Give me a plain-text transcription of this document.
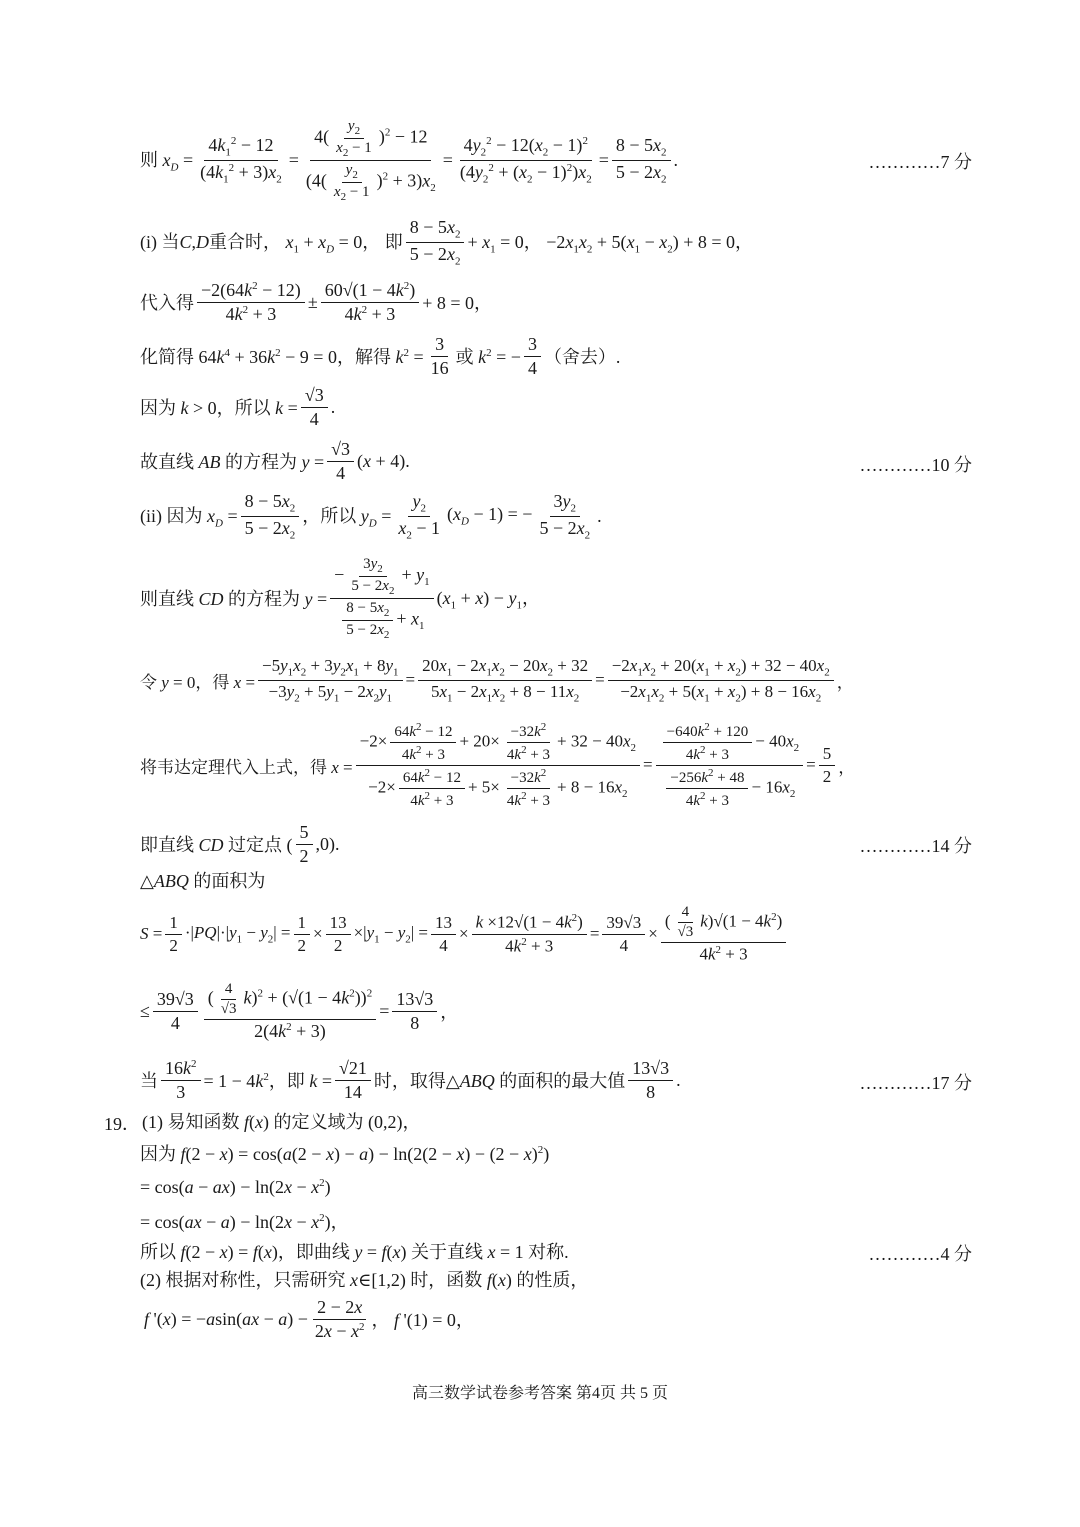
则 $x_D = \frac{4k_1^2 - 12}{(4k_1^2 + 3)x_2} = \frac{4( \frac{y_2}{x_2 - 1} )^2 - 12}{(4( \frac{y_2}{x_2 - 1} )^2 + 3)x_2} = \frac{4y_2^2 - 12(x_2 - 1)^2}{(4y_2^2 + (x_2 - 1)^2)x_2} = \frac{8 - 5x_2}{5 - 2x_2}$ .	…………7 分
(i) 当C,D重合时， $x_1 + x_D = 0$， 即
$8 - 5x_2$
$5 - 2x_2$
+ $x_1 = 0$， $-2x_1x_2 + 5(x_1 - x_2) + 8 = 0$，
代入得
$-2(64k^2 - 12)$
$4k^2 + 3$
± $\frac{60√(1 - 4k^2)}{4k^2 + 3} + 8 = 0$，
化简得 $64k^4 + 36k^2 - 9 = 0$，解得 $k^2 = \frac{3}{16}$ 或 $k^2$ = − $\frac{3}{4}$ （舍去）.
因为 k > 0，所以 $k = \frac{√3}{4}$ .
故直线 AB 的方程为 $y = \frac{√3}{4} (x + 4)$.	…………10 分
(ii) 因为 $x_D = \frac{8 - 5x_2}{5 - 2x_2}$ ，所以 $y_D = \frac{y_2}{x_2 - 1} (x_D - 1)$ = − $\frac{3y_2}{5 - 2x_2}$ .
则直线 CD 的方程为 $y = \frac{- \frac{3y_2}{5 - 2x_2} + y_1}{\frac{8 - 5x_2}{5 - 2x_2} + x_1} (x_1 + x) - y_1$，
令 y = 0，得 $x = \frac{-5y_1x_2 + 3y_2x_1 + 8y_1}{-3y_2 + 5y_1 - 2x_2y_1} = \frac{20x_1 - 2x_1x_2 - 20x_2 + 32}{5x_1 - 2x_1x_2 + 8 - 11x_2} = \frac{-2x_1x_2 + 20(x_1 + x_2) + 32 - 40x_2}{-2x_1x_2 + 5(x_1 + x_2) + 8 - 16x_2}$ ，
将韦达定理代入上式，得 $x = \frac{-2\times \frac{64k^2 - 12}{4k^2 + 3} + 20\times \frac{-32k^2}{4k^2 + 3} + 32 - 40x_2}{-2\times \frac{64k^2 - 12}{4k^2 + 3} + 5\times \frac{-32k^2}{4k^2 + 3} + 8 - 16x_2} = \frac{\frac{-640k^2 + 120}{4k^2 + 3} - 40x_2}{\frac{-256k^2 + 48}{4k^2 + 3} - 16x_2} = \frac{5}{2}$ ，
即直线 CD 过定点 (
5
2
,0).	…………14 分
△ABQ 的面积为
$S = \frac{1}{2} \cdot|PQ|\cdot|y_1 - y_2| = \frac{1}{2} \times \frac{13}{2} \times|y_1 - y_2| = \frac{13}{4} \times \frac{k \times 12√(1 - 4k^2)}{4k^2 + 3} = \frac{39√3}{4} \times \frac{( \frac{4}{√3} k)√(1 - 4k^2)}{4k^2 + 3}$
≤ $\frac{39√3}{4} \frac{( \frac{4}{√3} k)^2 + (√(1 - 4k^2))^2}{2(4k^2 + 3)} = \frac{13√3}{8}$ ，
当 $\frac{16k^2}{3} = 1 - 4k^2$，即 $k = \frac{√21}{14}$ 时，取得△ABQ 的面积的最大值
13√3
8
.	…………17 分
19． (1) 易知函数 f(x) 的定义域为 (0,2)，
因为 $f(2 - x) = \cos(a(2 - x) - a) - \ln(2(2 - x) - (2 - x)^2)$
= $\cos(a - ax) - \ln(2x - x^2)$
= $\cos(ax - a) - \ln(2x - x^2)$，
所以 f(2 − x) = f(x)，即曲线 y = f(x) 关于直线 x = 1 对称.	…………4 分
(2) 根据对称性，只需研究 x∈[1,2) 时，函数 f(x) 的性质，
f '$(x) = -asin(ax - a) - \frac{2 - 2x}{2x - x^2}$ ， f '(1) = 0，
高三数学试卷参考答案 第4页 共 5 页
